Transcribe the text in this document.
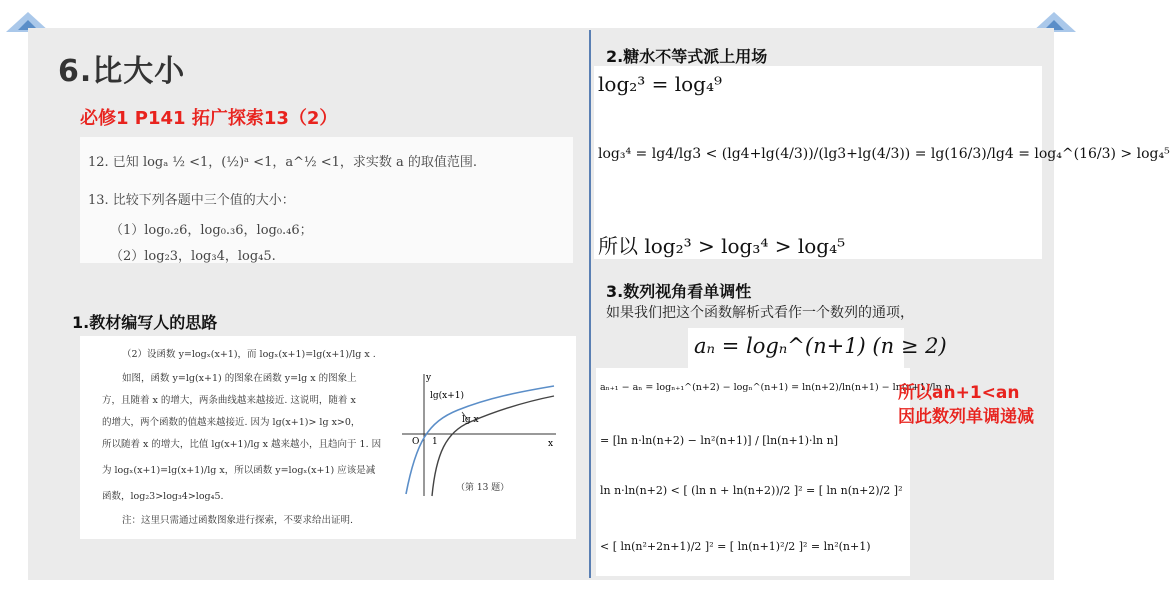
6.比大小
必修1 P141 拓广探索13（2）
12. 已知 logₐ ½ <1，(½)ᵃ <1，a^½ <1，求实数 a 的取值范围.
13. 比较下列各题中三个值的大小：
（1）log₀.₂6，log₀.₃6，log₀.₄6；
（2）log₂3，log₃4，log₄5.
1.教材编写人的思路
（2）设函数 y=logₓ(x+1)，而 logₓ(x+1)=lg(x+1)/lg x .
如图，函数 y=lg(x+1) 的图象在函数 y=lg x 的图象上
方，且随着 x 的增大，两条曲线越来越接近. 这说明，随着 x
的增大，两个函数的值越来越接近. 因为 lg(x+1)> lg x>0，
所以随着 x 的增大，比值 lg(x+1)/lg x 越来越小，且趋向于 1. 因
为 logₓ(x+1)=lg(x+1)/lg x，所以函数 y=logₓ(x+1) 应该是减
函数，log₂3>log₃4>log₄5.
注：这里只需通过函数图象进行探索，不要求给出证明.
lg(x+1)
lg x
O 1	x
y
（第 13 题）
2.糖水不等式派上用场
log₂³ = log₄⁹
log₃⁴ = lg4/lg3 < (lg4+lg(4/3))/(lg3+lg(4/3)) = lg(16/3)/lg4 = log₄^(16/3) > log₄⁵
所以 log₂³ > log₃⁴ > log₄⁵
3.数列视角看单调性
如果我们把这个函数解析式看作一个数列的通项，
aₙ = logₙ^(n+1) (n ≥ 2)
aₙ₊₁ − aₙ = logₙ₊₁^(n+2) − logₙ^(n+1) = ln(n+2)/ln(n+1) − ln(n+1)/ln n
= [ln n·ln(n+2) − ln²(n+1)] / [ln(n+1)·ln n]
ln n·ln(n+2) < [ (ln n + ln(n+2))/2 ]² = [ ln n(n+2)/2 ]²
< [ ln(n²+2n+1)/2 ]² = [ ln(n+1)²/2 ]² = ln²(n+1)
所以an+1<an
因此数列单调递减
